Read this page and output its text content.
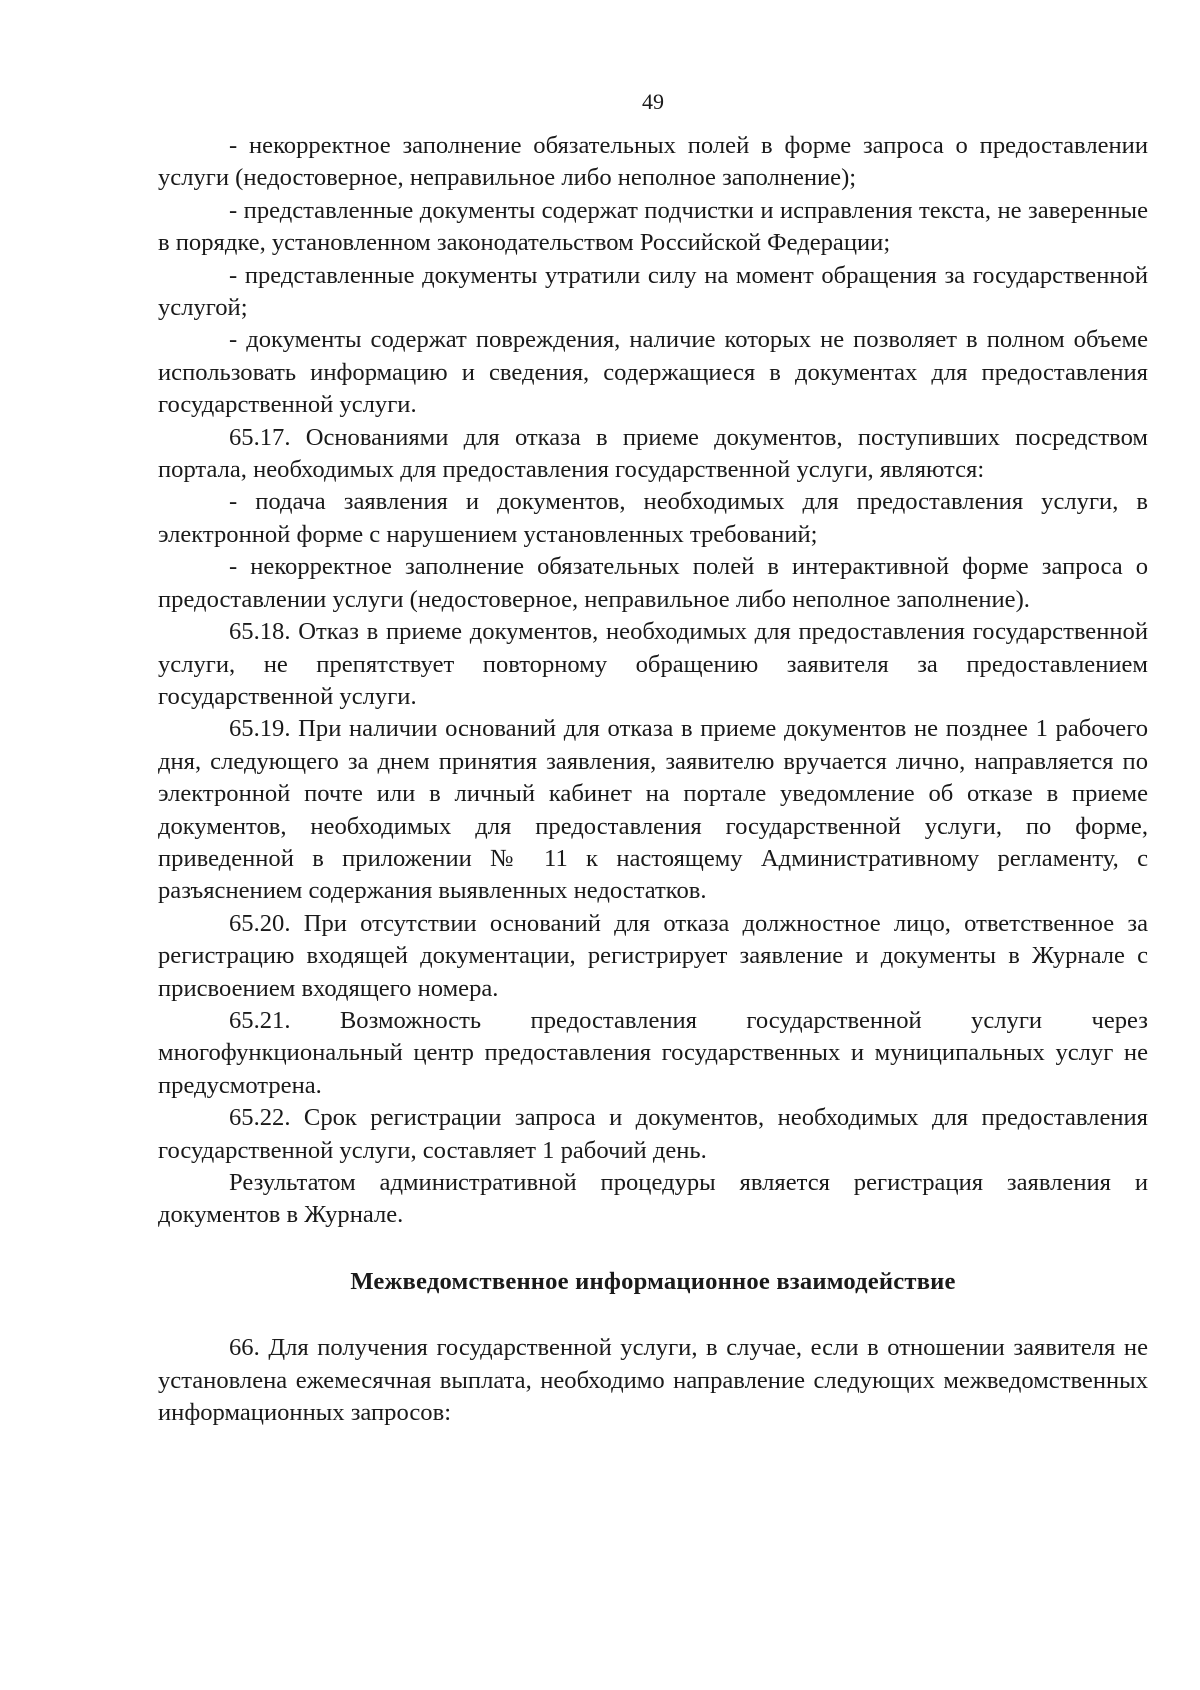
49

- некорректное заполнение обязательных полей в форме запроса о предоставлении услуги (недостоверное, неправильное либо неполное заполнение);

- представленные документы содержат подчистки и исправления текста, не заверенные в порядке, установленном законодательством Российской Федерации;

- представленные документы утратили силу на момент обращения за государственной услугой;

- документы содержат повреждения, наличие которых не позволяет в полном объеме использовать информацию и сведения, содержащиеся в документах для предоставления государственной услуги.

65.17. Основаниями для отказа в приеме документов, поступивших посредством портала, необходимых для предоставления государственной услуги, являются:

- подача заявления и документов, необходимых для предоставления услуги, в электронной форме с нарушением установленных требований;

- некорректное заполнение обязательных полей в интерактивной форме запроса о предоставлении услуги (недостоверное, неправильное либо неполное заполнение).

65.18. Отказ в приеме документов, необходимых для предоставления государственной услуги, не препятствует повторному обращению заявителя за предоставлением государственной услуги.

65.19. При наличии оснований для отказа в приеме документов не позднее 1 рабочего дня, следующего за днем принятия заявления, заявителю вручается лично, направляется по электронной почте или в личный кабинет на портале уведомление об отказе в приеме документов, необходимых для предоставления государственной услуги, по форме, приведенной в приложении № 11 к настоящему Административному регламенту, с разъяснением содержания выявленных недостатков.

65.20. При отсутствии оснований для отказа должностное лицо, ответственное за регистрацию входящей документации, регистрирует заявление и документы в Журнале с присвоением входящего номера.

65.21. Возможность предоставления государственной услуги через многофункциональный центр предоставления государственных и муниципальных услуг не предусмотрена.

65.22. Срок регистрации запроса и документов, необходимых для предоставления государственной услуги, составляет 1 рабочий день.

Результатом административной процедуры является регистрация заявления и документов в Журнале.

Межведомственное информационное взаимодействие

66. Для получения государственной услуги, в случае, если в отношении заявителя не установлена ежемесячная выплата, необходимо направление следующих межведомственных информационных запросов:
